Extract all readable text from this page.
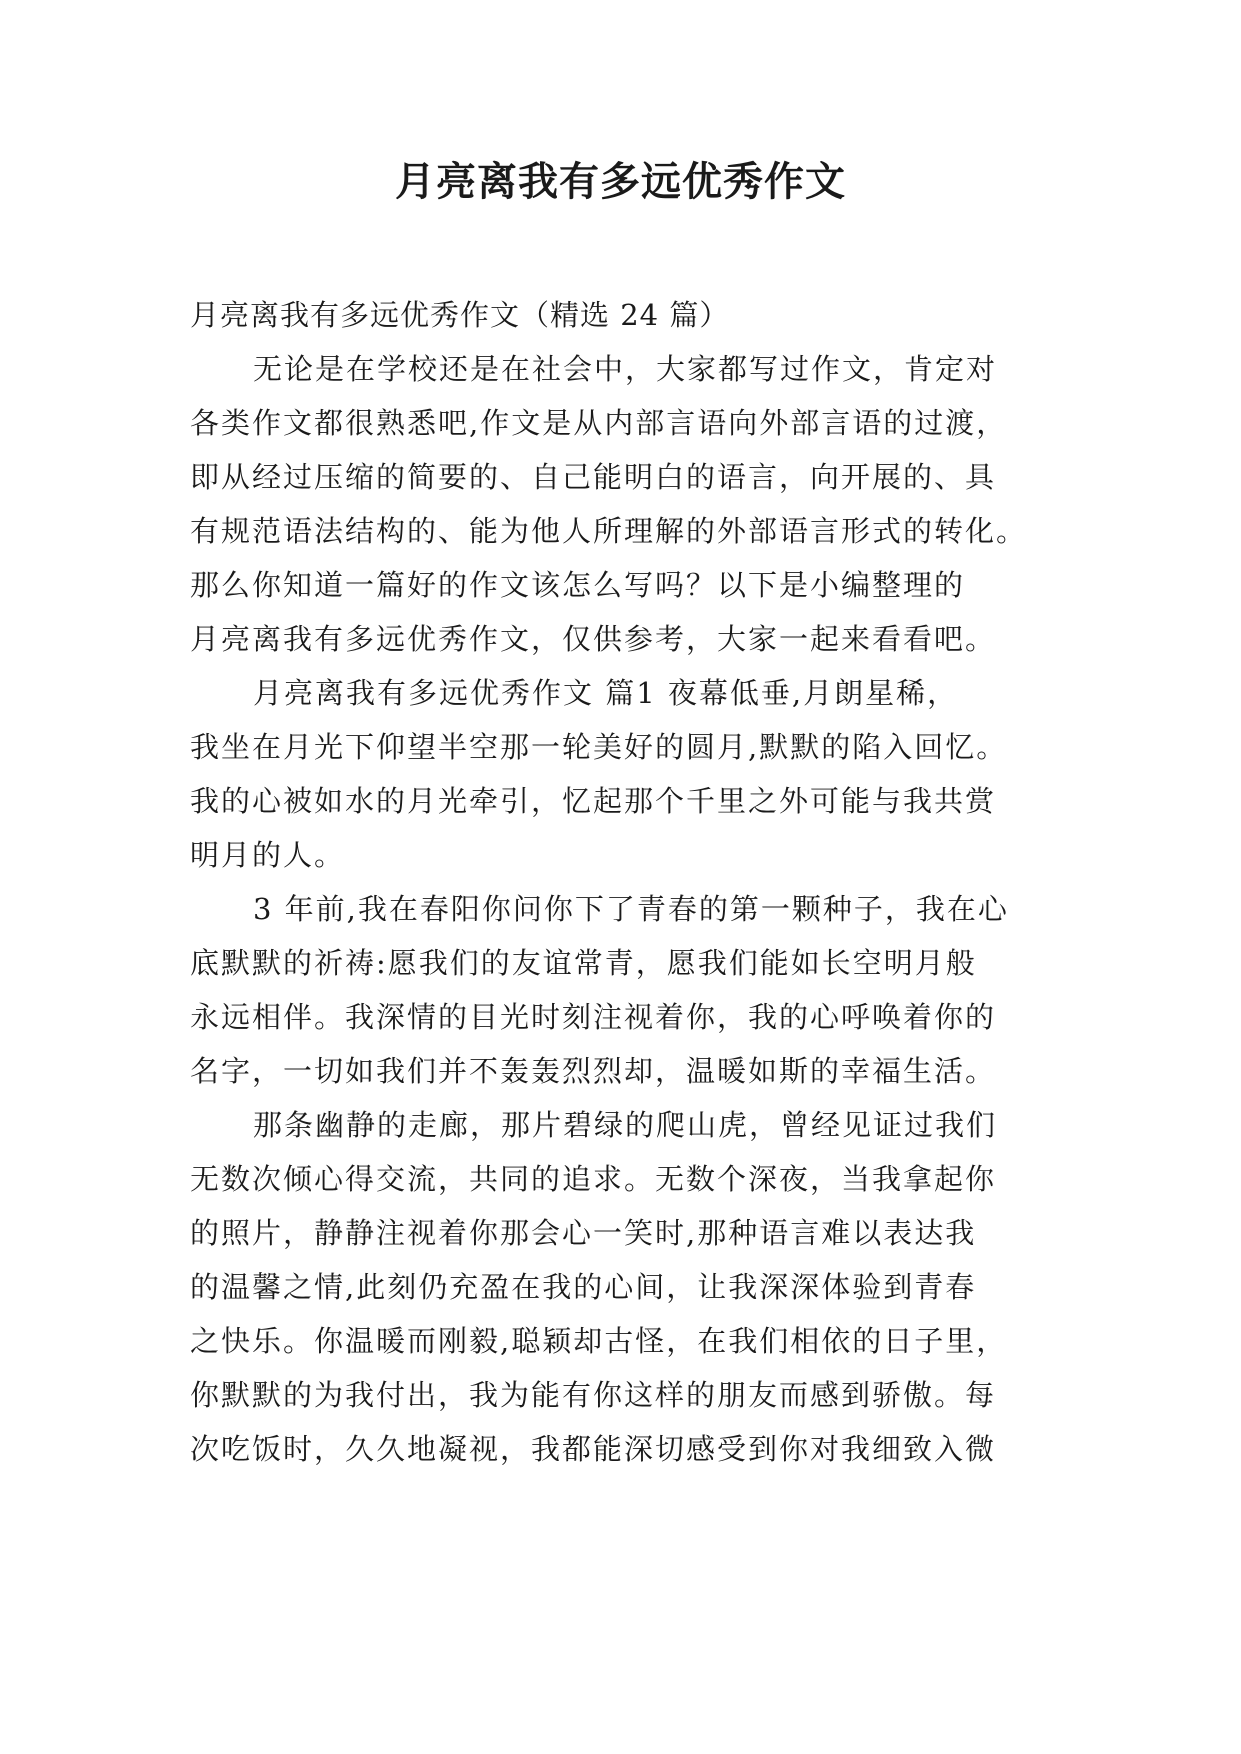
月亮离我有多远优秀作文
月亮离我有多远优秀作文（精选 24 篇）
无论是在学校还是在社会中，大家都写过作文，肯定对
各类作文都很熟悉吧,作文是从内部言语向外部言语的过渡，
即从经过压缩的简要的、自己能明白的语言，向开展的、具
有规范语法结构的、能为他人所理解的外部语言形式的转化。
那么你知道一篇好的作文该怎么写吗？以下是小编整理的
月亮离我有多远优秀作文，仅供参考，大家一起来看看吧。
月亮离我有多远优秀作文 篇1 夜幕低垂,月朗星稀，
我坐在月光下仰望半空那一轮美好的圆月,默默的陷入回忆。
我的心被如水的月光牵引，忆起那个千里之外可能与我共赏
明月的人。
3 年前,我在春阳你问你下了青春的第一颗种子，我在心
底默默的祈祷:愿我们的友谊常青，愿我们能如长空明月般
永远相伴。我深情的目光时刻注视着你，我的心呼唤着你的
名字，一切如我们并不轰轰烈烈却，温暖如斯的幸福生活。
那条幽静的走廊，那片碧绿的爬山虎，曾经见证过我们
无数次倾心得交流，共同的追求。无数个深夜，当我拿起你
的照片，静静注视着你那会心一笑时,那种语言难以表达我
的温馨之情,此刻仍充盈在我的心间，让我深深体验到青春
之快乐。你温暖而刚毅,聪颖却古怪，在我们相依的日子里，
你默默的为我付出，我为能有你这样的朋友而感到骄傲。每
次吃饭时，久久地凝视，我都能深切感受到你对我细致入微
